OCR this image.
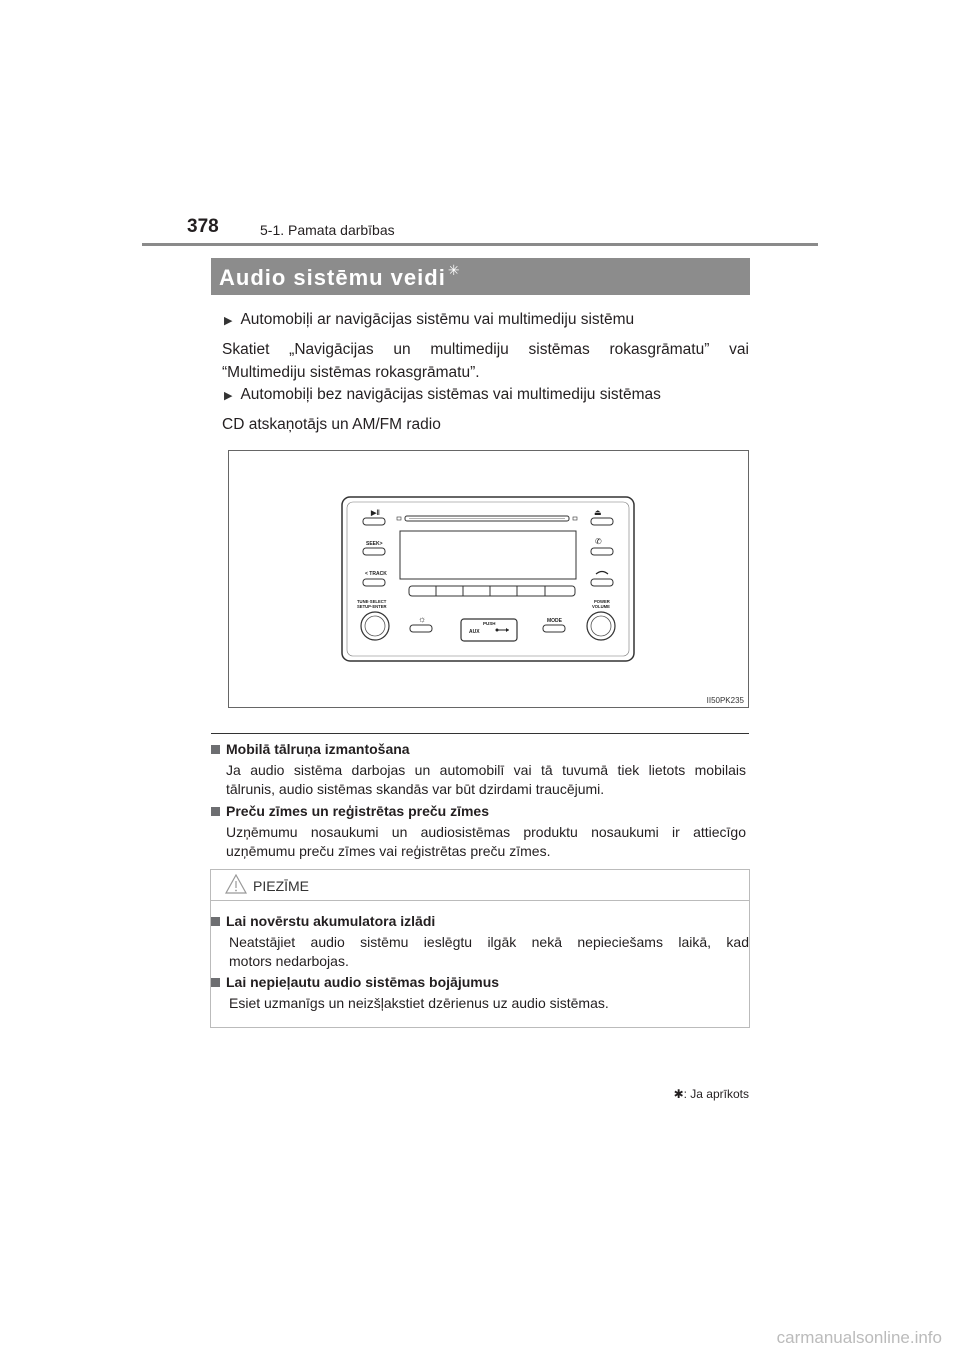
378	5-1. Pamata darbības
Audio sistēmu veidi ✳
▶ Automobiļi ar navigācijas sistēmu vai multimediju sistēmu
Skatiet „Navigācijas un multimediju sistēmas rokasgrāmatu” vai
“Multimediju sistēmas rokasgrāmatu”.
▶ Automobiļi bez navigācijas sistēmas vai multimediju sistēmas
CD atskaņotājs un AM/FM radio
▶‖
SEEK>
< TRACK
TUNE·SELECT
SETUP·ENTER
⏏
✆
POWER
VOLUME
☼	PUSH
AUX
MODE
II50PK235
Mobilā tālruņa izmantošana
Ja audio sistēma darbojas un automobilī vai tā tuvumā tiek lietots mobilais
tālrunis, audio sistēmas skandās var būt dzirdami traucējumi.
Preču zīmes un reģistrētas preču zīmes
Uzņēmumu nosaukumi un audiosistēmas produktu nosaukumi ir attiecīgo
uzņēmumu preču zīmes vai reģistrētas preču zīmes.
PIEZĪME
Lai novērstu akumulatora izlādi
Neatstājiet audio sistēmu ieslēgtu ilgāk nekā nepieciešams laikā, kad
motors nedarbojas.
Lai nepieļautu audio sistēmas bojājumus
Esiet uzmanīgs un neizšļakstiet dzērienus uz audio sistēmas.
✱: Ja aprīkots
carmanualsonline.info
